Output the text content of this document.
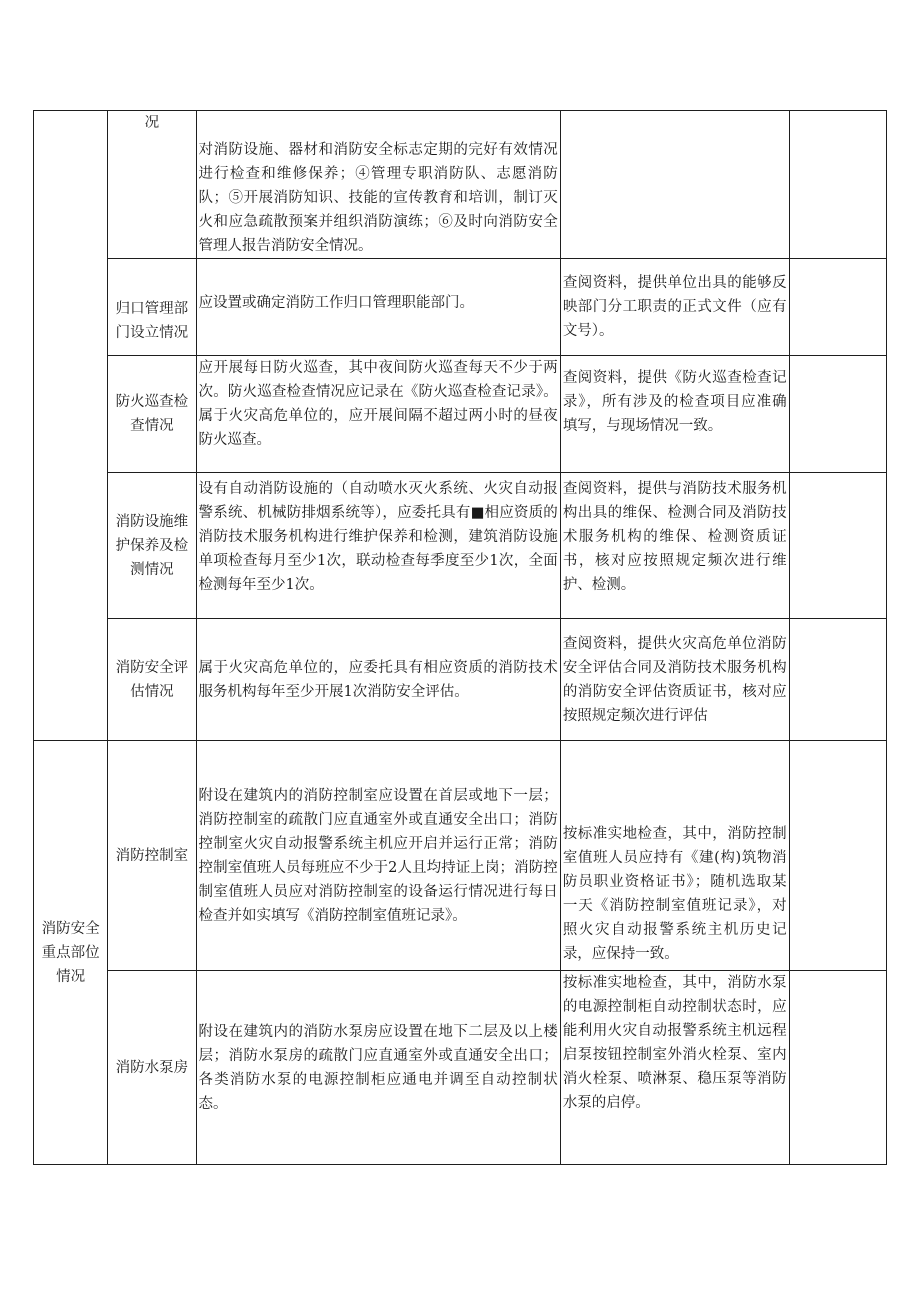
	况	对消防设施、器材和消防安全标志定期的完好有效情况进行检查和维修保养；④管理专职消防队、志愿消防队；⑤开展消防知识、技能的宣传教育和培训，制订灭火和应急疏散预案并组织消防演练；⑥及时向消防安全管理人报告消防安全情况。		
	归口管理部门设立情况	应设置或确定消防工作归口管理职能部门。	查阅资料，提供单位出具的能够反映部门分工职责的正式文件（应有文号）。	
	防火巡查检查情况	应开展每日防火巡查，其中夜间防火巡查每天不少于两次。防火巡查检查情况应记录在《防火巡查检查记录》。属于火灾高危单位的，应开展间隔不超过两小时的昼夜防火巡查。	查阅资料，提供《防火巡查检查记录》，所有涉及的检查项目应准确填写，与现场情况一致。	
	消防设施维护保养及检测情况	设有自动消防设施的（自动喷水灭火系统、火灾自动报警系统、机械防排烟系统等），应委托具有■相应资质的消防技术服务机构进行维护保养和检测，建筑消防设施单项检查每月至少1次，联动检查每季度至少1次，全面检测每年至少1次。	查阅资料，提供与消防技术服务机构出具的维保、检测合同及消防技术服务机构的维保、检测资质证书，核对应按照规定频次进行维护、检测。	
	消防安全评估情况	属于火灾高危单位的，应委托具有相应资质的消防技术服务机构每年至少开展1次消防安全评估。	查阅资料，提供火灾高危单位消防安全评估合同及消防技术服务机构的消防安全评估资质证书，核对应按照规定频次进行评估	
消防安全重点部位情况	消防控制室	附设在建筑内的消防控制室应设置在首层或地下一层；消防控制室的疏散门应直通室外或直通安全出口；消防控制室火灾自动报警系统主机应开启并运行正常；消防控制室值班人员每班应不少于2人且均持证上岗；消防控制室值班人员应对消防控制室的设备运行情况进行每日检查并如实填写《消防控制室值班记录》。	按标准实地检查，其中，消防控制室值班人员应持有《建(构)筑物消防员职业资格证书》；随机选取某一天《消防控制室值班记录》，对照火灾自动报警系统主机历史记录，应保持一致。	
	消防水泵房	附设在建筑内的消防水泵房应设置在地下二层及以上楼层；消防水泵房的疏散门应直通室外或直通安全出口；各类消防水泵的电源控制柜应通电并调至自动控制状态。	按标准实地检查，其中，消防水泵的电源控制柜自动控制状态时，应能利用火灾自动报警系统主机远程启泵按钮控制室外消火栓泵、室内消火栓泵、喷淋泵、稳压泵等消防水泵的启停。	
